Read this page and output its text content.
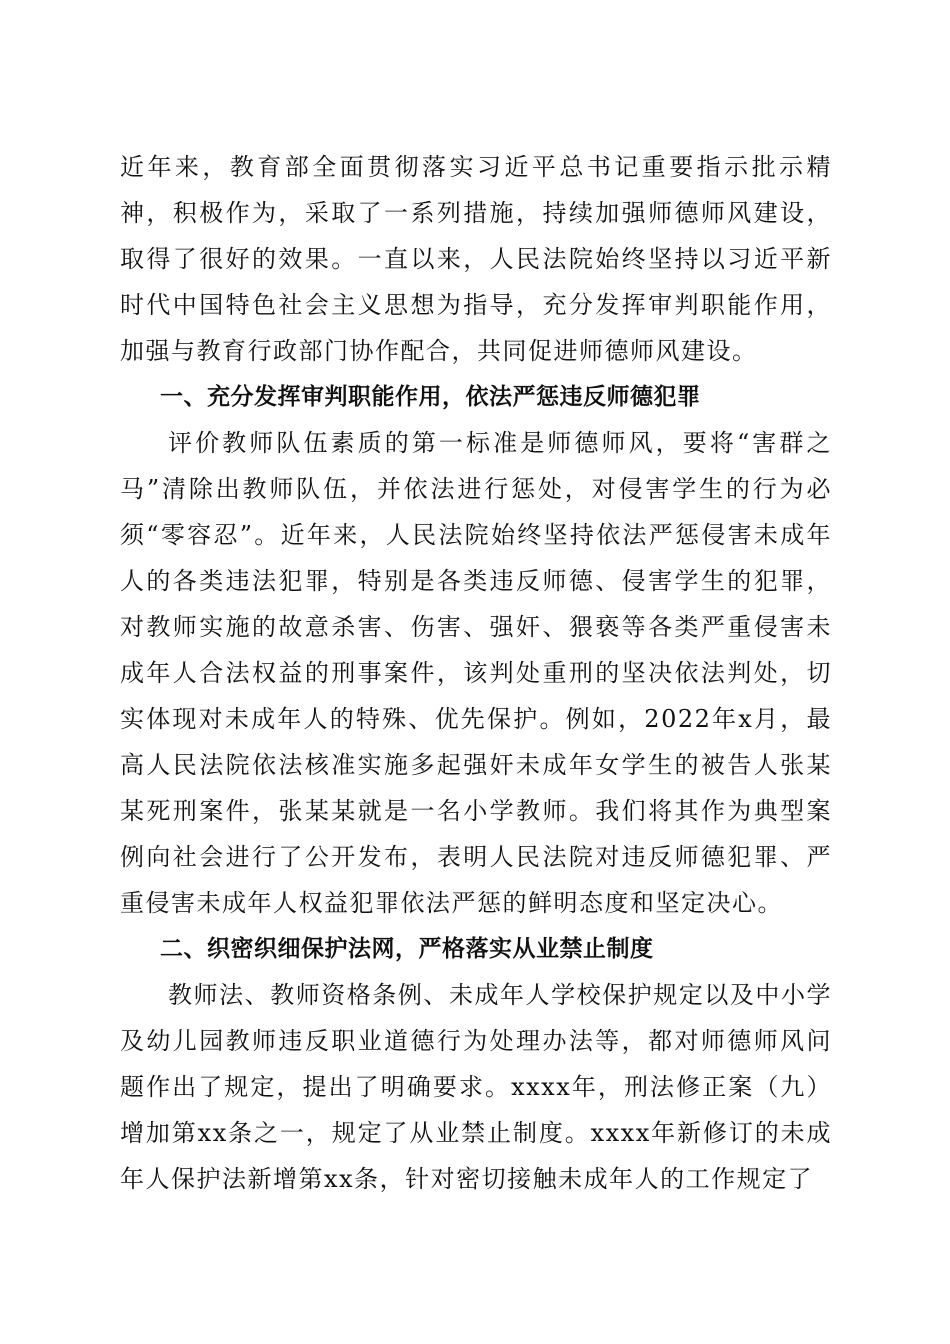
近年来，教育部全面贯彻落实习近平总书记重要指示批示精神，积极作为，采取了一系列措施，持续加强师德师风建设，取得了很好的效果。一直以来，人民法院始终坚持以习近平新时代中国特色社会主义思想为指导，充分发挥审判职能作用，加强与教育行政部门协作配合，共同促进师德师风建设。

一、充分发挥审判职能作用，依法严惩违反师德犯罪

评价教师队伍素质的第一标准是师德师风，要将“害群之马”清除出教师队伍，并依法进行惩处，对侵害学生的行为必须“零容忍”。近年来，人民法院始终坚持依法严惩侵害未成年人的各类违法犯罪，特别是各类违反师德、侵害学生的犯罪，对教师实施的故意杀害、伤害、强奸、猥亵等各类严重侵害未成年人合法权益的刑事案件，该判处重刑的坚决依法判处，切实体现对未成年人的特殊、优先保护。例如，2022年x月，最高人民法院依法核准实施多起强奸未成年女学生的被告人张某某死刑案件，张某某就是一名小学教师。我们将其作为典型案例向社会进行了公开发布，表明人民法院对违反师德犯罪、严重侵害未成年人权益犯罪依法严惩的鲜明态度和坚定决心。

二、织密织细保护法网，严格落实从业禁止制度

教师法、教师资格条例、未成年人学校保护规定以及中小学及幼儿园教师违反职业道德行为处理办法等，都对师德师风问题作出了规定，提出了明确要求。xxxx年，刑法修正案（九）增加第xx条之一，规定了从业禁止制度。xxxx年新修订的未成年人保护法新增第xx条，针对密切接触未成年人的工作规定了
